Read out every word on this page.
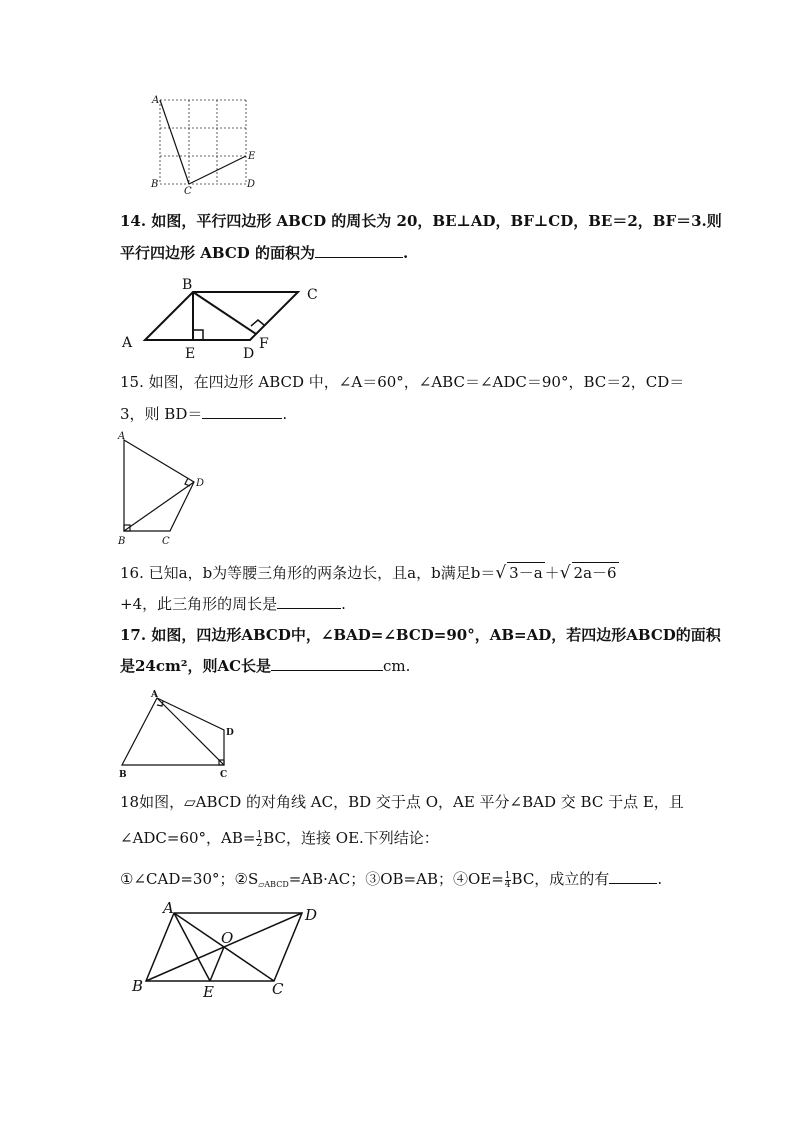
A
B
C
D
E
14. 如图，平行四边形 ABCD 的周长为 20，BE⊥AD，BF⊥CD，BE＝2，BF＝3.则
平行四边形 ABCD 的面积为	.
A
B
C
D
E
F
15. 如图，在四边形 ABCD 中，∠A＝60°，∠ABC＝∠ADC＝90°，BC＝2，CD＝
3，则 BD＝	.
A
B	C
D
16. 已知a，b为等腰三角形的两条边长，且a，b满足b＝√ 3－a ＋√ 2a－6
+4，此三角形的周长是	.
17. 如图，四边形ABCD中，∠BAD=∠BCD=90°，AB=AD，若四边形ABCD的面积
是24cm²，则AC长是	cm.
A
B	C
D
18如图，▱ABCD 的对角线 AC，BD 交于点 O，AE 平分∠BAD 交 BC 于点 E，且
∠ADC=60°，$AB= \frac{1}{2}$ BC，连接 OE.下列结论：
①∠CAD=30°；$②S_{▱ABCD}=AB\cdot AC$；③OB=AB；④OE= $\frac{1}{4}$ BC，成立的有	.
A
B	C
D
E
O
